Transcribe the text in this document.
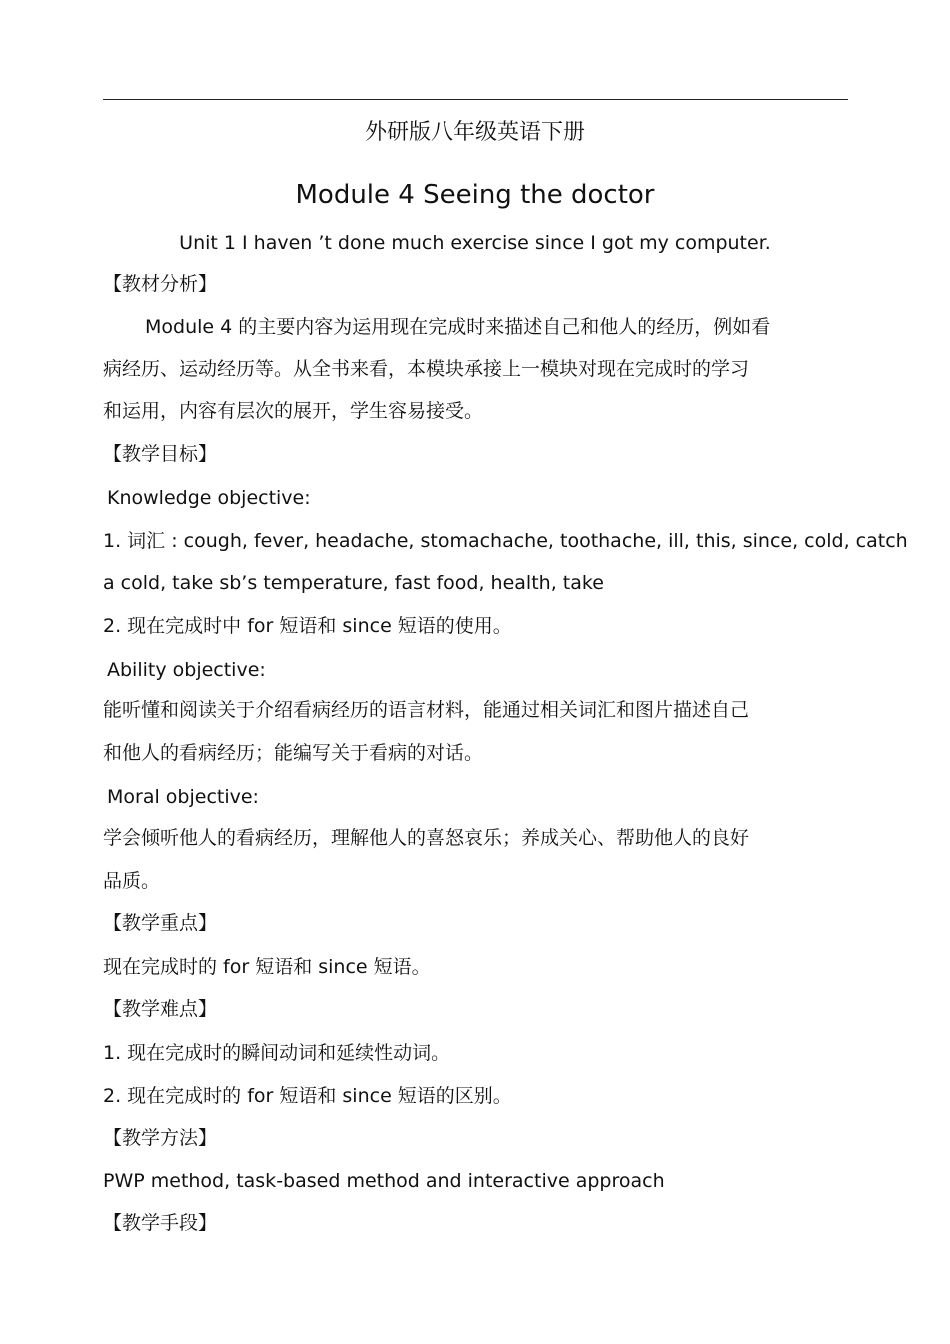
外研版八年级英语下册
Module 4 Seeing the doctor
Unit 1 I haven ’t done much exercise since I got my computer.
【教材分析】
Module 4 的主要内容为运用现在完成时来描述自己和他人的经历，例如看
病经历、运动经历等。从全书来看，本模块承接上一模块对现在完成时的学习
和运用，内容有层次的展开，学生容易接受。
【教学目标】
Knowledge objective:
1. 词汇 : cough, fever, headache, stomachache, toothache, ill, this, since, cold, catch
a cold, take sb’s temperature, fast food, health, take
2. 现在完成时中 for 短语和 since 短语的使用。
Ability objective:
能听懂和阅读关于介绍看病经历的语言材料，能通过相关词汇和图片描述自己
和他人的看病经历；能编写关于看病的对话。
Moral objective:
学会倾听他人的看病经历，理解他人的喜怒哀乐；养成关心、帮助他人的良好
品质。
【教学重点】
现在完成时的 for 短语和 since 短语。
【教学难点】
1. 现在完成时的瞬间动词和延续性动词。
2. 现在完成时的 for 短语和 since 短语的区别。
【教学方法】
PWP method, task-based method and interactive approach
【教学手段】
